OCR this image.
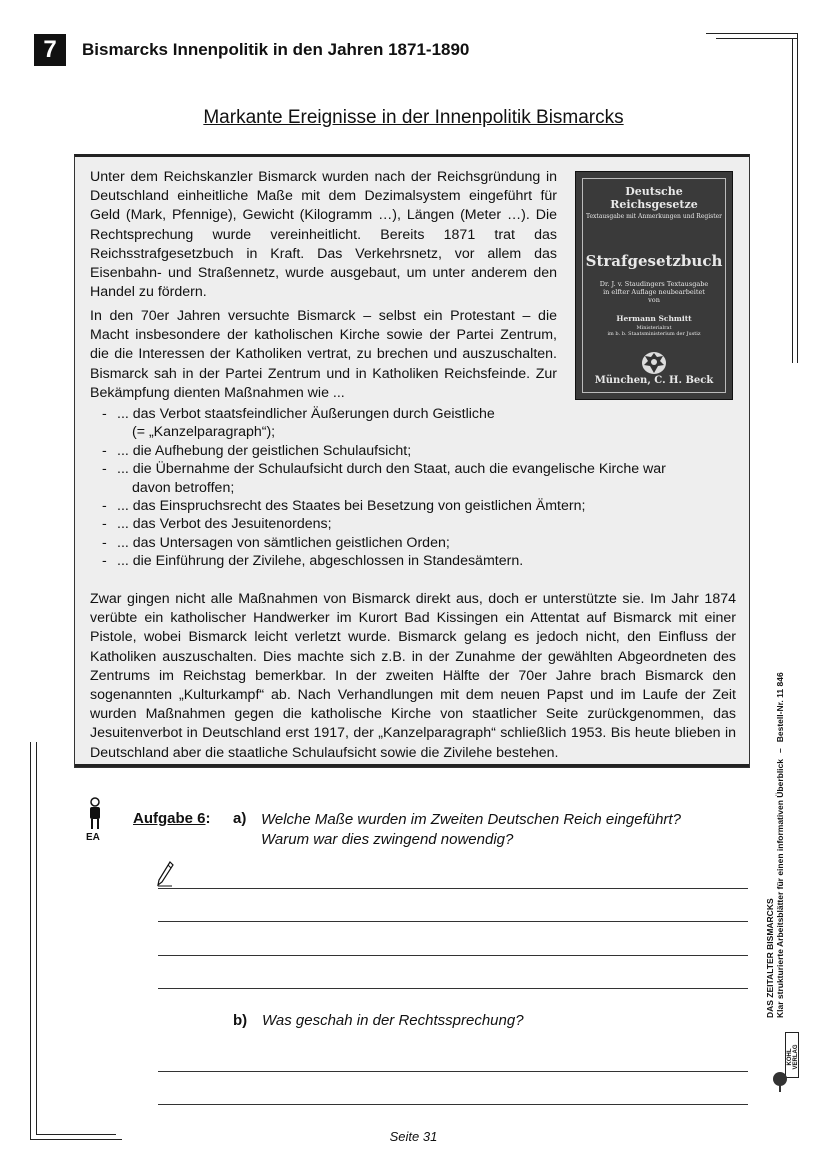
7	Bismarcks Innenpolitik in den Jahren 1871-1890
Markante Ereignisse in der Innenpolitik Bismarcks
Unter dem Reichskanzler Bismarck wurden nach der Reichsgründung in Deutschland einheitliche Maße mit dem Dezimalsystem eingeführt für Geld (Mark, Pfennige), Gewicht (Kilogramm …), Längen (Meter …). Die Rechtsprechung wurde vereinheitlicht. Bereits 1871 trat das Reichsstrafgesetzbuch in Kraft. Das Verkehrsnetz, vor allem das Eisenbahn- und Straßennetz, wurde ausgebaut, um unter anderem den Handel zu fördern.
In den 70er Jahren versuchte Bismarck – selbst ein Protestant – die Macht insbesondere der katholischen Kirche sowie der Partei Zentrum, die die Interessen der Katholiken vertrat, zu brechen und auszuschalten. Bismarck sah in der Partei Zentrum und in Katholiken Reichsfeinde. Zur Bekämpfung dienten Maßnahmen wie ...
- ... das Verbot staatsfeindlicher Äußerungen durch Geistliche
(= „Kanzelparagraph“);
- ... die Aufhebung der geistlichen Schulaufsicht;
- ... die Übernahme der Schulaufsicht durch den Staat, auch die evangelische Kirche war
davon betroffen;
- ... das Einspruchsrecht des Staates bei Besetzung von geistlichen Ämtern;
- ... das Verbot des Jesuitenordens;
- ... das Untersagen von sämtlichen geistlichen Orden;
- ... die Einführung der Zivilehe, abgeschlossen in Standesämtern.
Zwar gingen nicht alle Maßnahmen von Bismarck direkt aus, doch er unterstützte sie. Im Jahr 1874 verübte ein katholischer Handwerker im Kurort Bad Kissingen ein Attentat auf Bismarck mit einer Pistole, wobei Bismarck leicht verletzt wurde. Bismarck gelang es jedoch nicht, den Einfluss der Katholiken auszuschalten. Dies machte sich z.B. in der Zunahme der gewählten Abgeordneten des Zentrums im Reichstag bemerkbar. In der zweiten Hälfte der 70er Jahre brach Bismarck den sogenannten „Kulturkampf“ ab. Nach Verhandlungen mit dem neuen Papst und im Laufe der Zeit wurden Maßnahmen gegen die katholische Kirche von staatlicher Seite zurückgenommen, das Jesuitenverbot in Deutschland erst 1917, der „Kanzelparagraph“ schließlich 1953. Bis heute blieben in Deutschland aber die staatliche Schulaufsicht sowie die Zivilehe bestehen.
Deutsche Reichsgesetze
Textausgabe mit Anmerkungen und Register
Strafgesetzbuch
Dr. J. v. Staudingers Textausgabe
in elfter Auflage neubearbeitet
von
Hermann Schmitt
Ministerialrat
im b. b. Staatsministerium der Justiz
München, C. H. Beck
EA
Aufgabe 6: a) Welche Maße wurden im Zweiten Deutschen Reich eingeführt?
Warum war dies zwingend nowendig?
b) Was geschah in der Rechtssprechung?
Seite 31
DAS ZEITALTER BISMARCKS Klar strukturierte Arbeitsblätter für einen informativen Überblick
–
Bestell-Nr. 11 846
KOHL VERLAG
